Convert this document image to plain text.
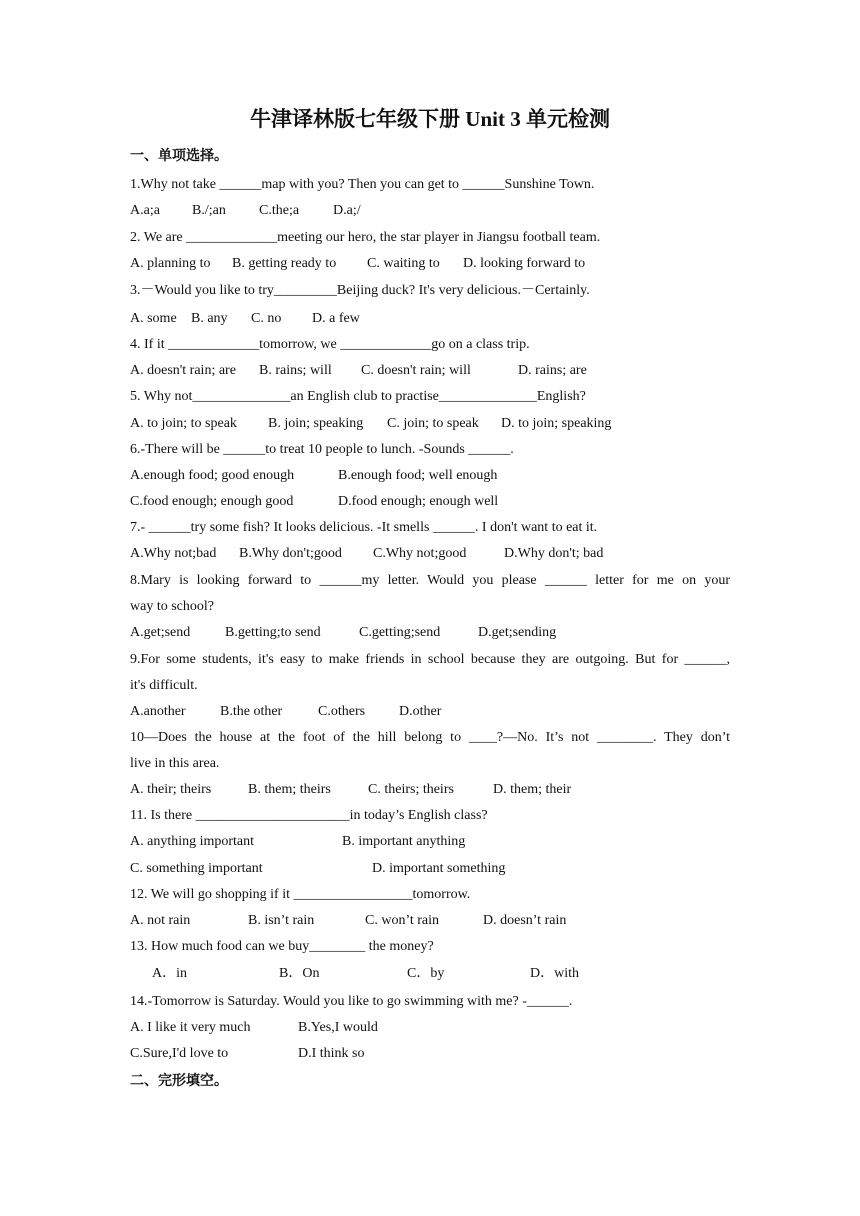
牛津译林版七年级下册 Unit 3 单元检测
一、单项选择。
1.Why not take ______map with you? Then you can get to ______Sunshine Town.
A.a;a B./;an C.the;a D.a;/
2. We are _____________meeting our hero, the star player in Jiangsu football team.
A. planning to B. getting ready to C. waiting to D. looking forward to
3.－Would you like to try_________Beijing duck? It's very delicious.－Certainly.
A. some B. any C. no D. a few
4. If it _____________tomorrow, we _____________go on a class trip.
A. doesn't rain; are B. rains; will C. doesn't rain; will	D. rains; are
5. Why not______________an English club to practise______________English?
A. to join; to speak B. join; speaking C. join; to speak D. to join; speaking
6.-There will be ______to treat 10 people to lunch. -Sounds ______.
A.enough food; good enough	B.enough food; well enough
C.food enough; enough good	D.food enough; enough well
7.- ______try some fish? It looks delicious. -It smells ______. I don't want to eat it.
A.Why not;bad B.Why don't;good C.Why not;good	D.Why don't; bad
8.Mary is looking forward to ______my letter. Would you please ______ letter for me on your
way to school?
A.get;send B.getting;to send	C.getting;send	D.get;sending
9.For some students, it's easy to make friends in school because they are outgoing. But for ______,
it's difficult.
A.another B.the other	C.others D.other
10—Does the house at the foot of the hill belong to ____?—No. It’s not ________. They don’t
live in this area.
A. their; theirs	B. them; theirs	C. theirs; theirs	D. them; their
11. Is there ______________________in today’s English class?
A. anything important	B. important anything
C. something important	D. important something
12. We will go shopping if it _________________tomorrow.
A. not rain	B. isn’t rain	C. won’t rain	D. doesn’t rain
13. How much food can we buy________ the money?
A．in	B．On	C．by	D．with
14.-Tomorrow is Saturday. Would you like to go swimming with me? -______.
A. I like it very much	B.Yes,I would
C.Sure,I'd love to	D.I think so
二、完形填空。
